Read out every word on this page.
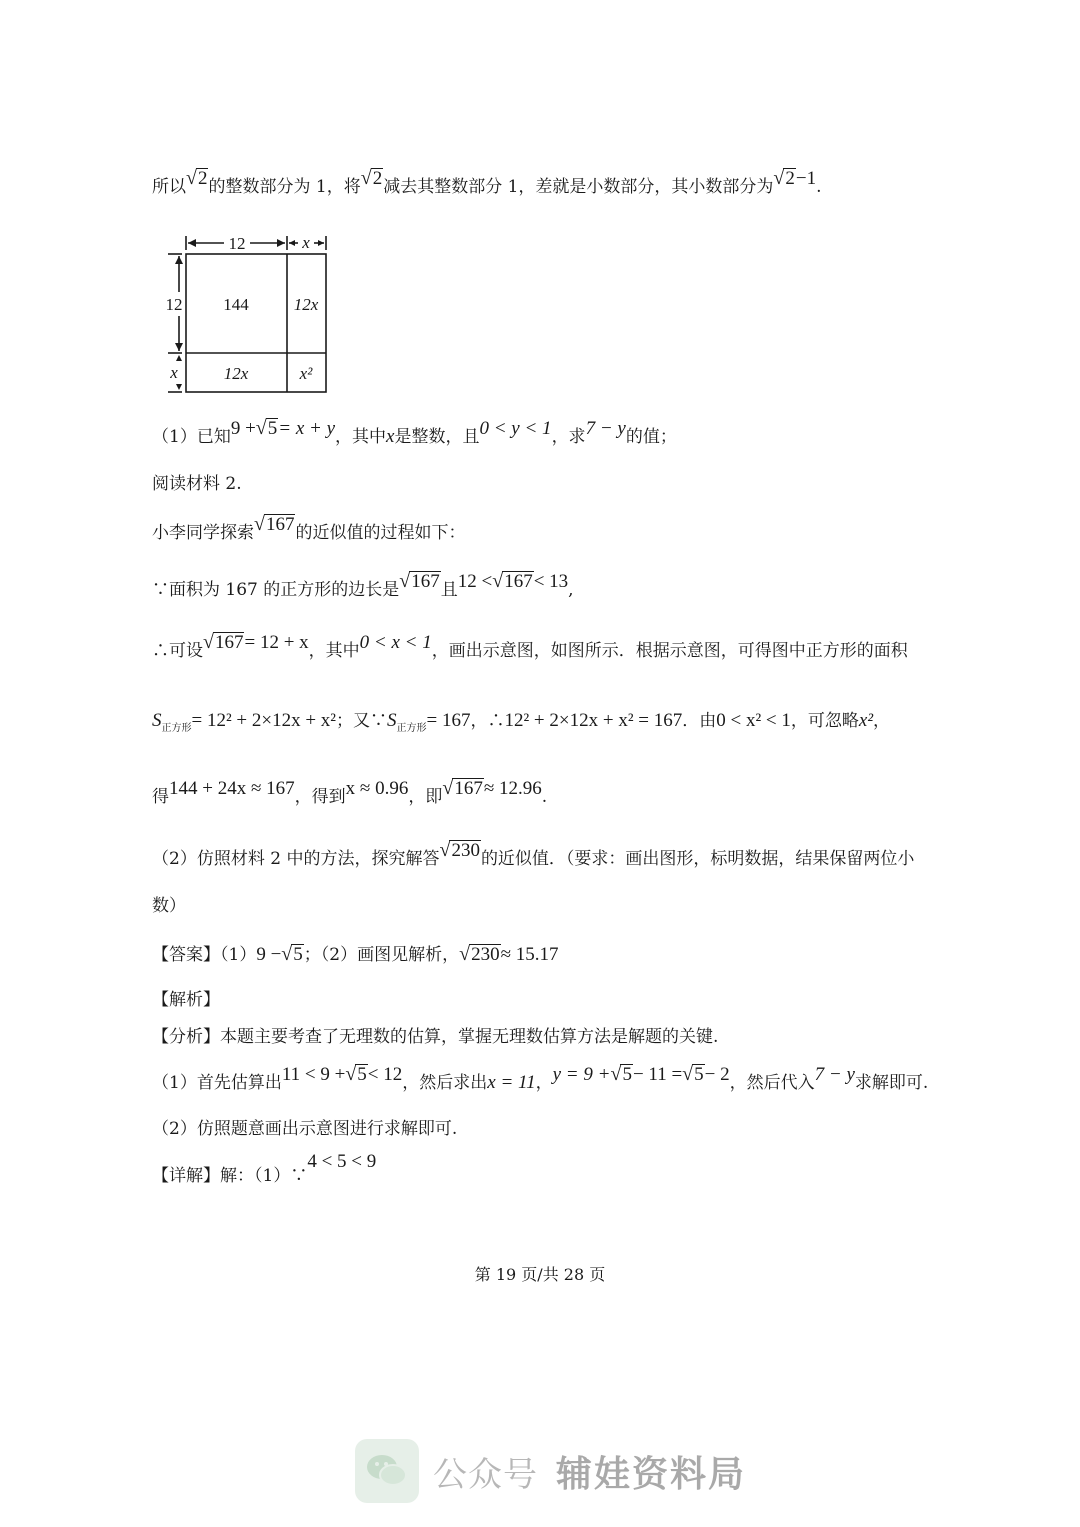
所以√2的整数部分为 1，将√2减去其整数部分 1，差就是小数部分，其小数部分为√2−1.
12	x
12
x
144	12x
12x	x²
（1）已知9 +√5= x + y，其中x是整数，且0 < y < 1，求7 − y的值；
阅读材料 2.
小李同学探索√167的近似值的过程如下：
∵面积为 167 的正方形的边长是√167且12 <√167< 13,
∴可设√167= 12 + x，其中0 < x < 1，画出示意图，如图所示．根据示意图，可得图中正方形的面积
$S_{正方形}= 12^2 + 2\times 12x + x^2$；又$\because S_{正方形}= 167$，∴12² + 2×12x + x² = 167．由0 < x² < 1，可忽略x²，
得144 + 24x ≈ 167，得到x ≈ 0.96，即√167≈ 12.96.
（2）仿照材料 2 中的方法，探究解答√230的近似值．（要求：画出图形，标明数据，结果保留两位小
数）
【答案】（1）9 −√5；（2）画图见解析，√230≈ 15.17
【解析】
【分析】本题主要考查了无理数的估算，掌握无理数估算方法是解题的关键.
（1）首先估算出11 < 9 +√5< 12，然后求出x = 11，y = 9 +√5− 11 =√5− 2，然后代入7 − y求解即可.
（2）仿照题意画出示意图进行求解即可.
【详解】解：（1）∵4 < 5 < 9
第 19 页/共 28 页
公众号 辅娃资料局
